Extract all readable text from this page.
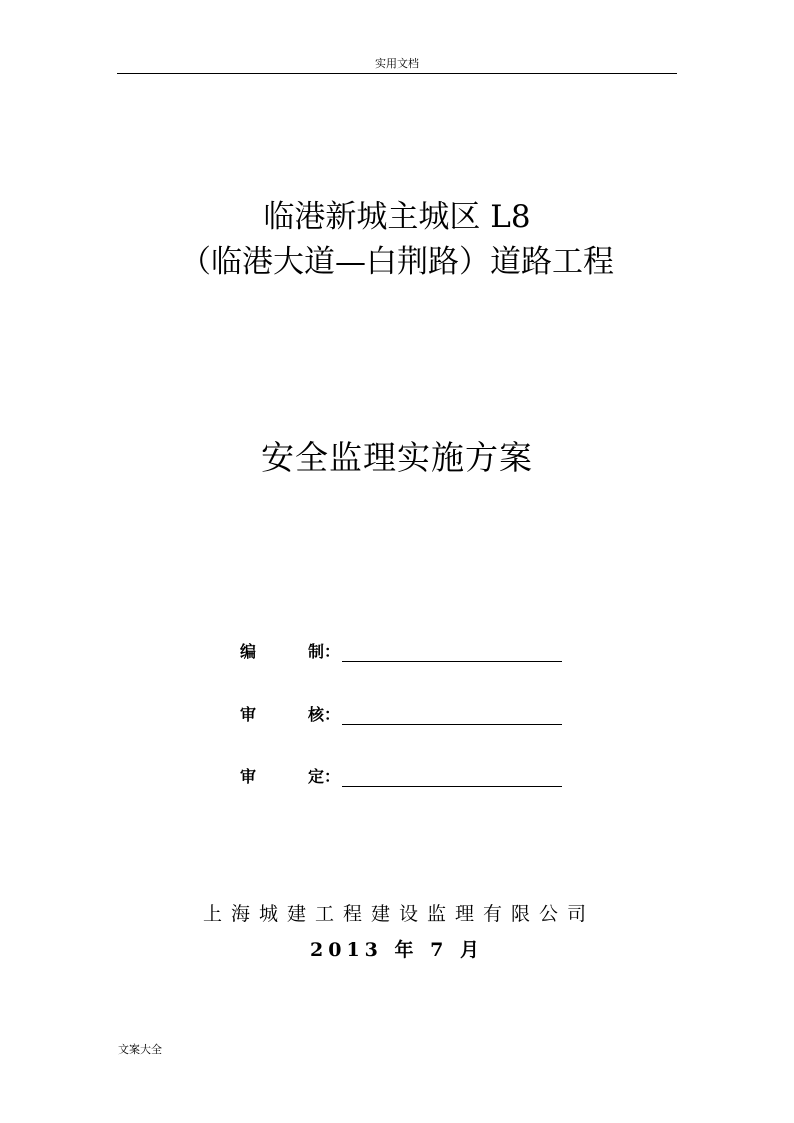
实用文档
临港新城主城区 L8
（临港大道—白荆路）道路工程
安全监理实施方案
编	制：
审	核：
审	定：
上海城建工程建设监理有限公司
2013 年 7 月
文案大全
